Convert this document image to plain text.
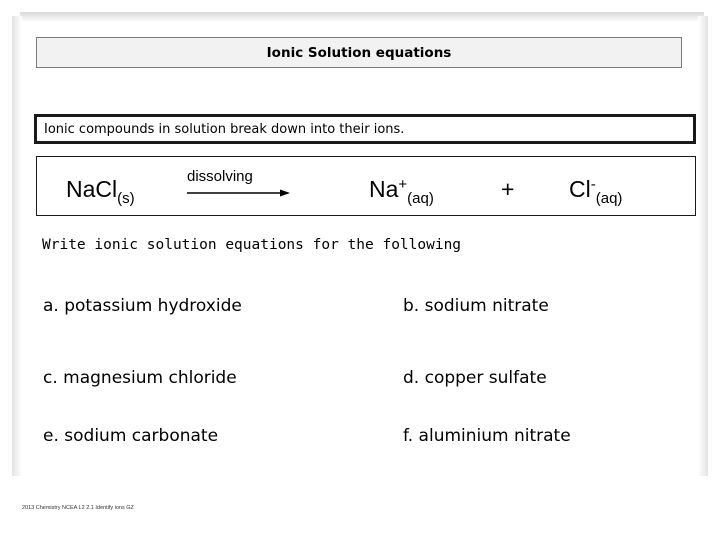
Ionic Solution equations
Ionic compounds in solution break down into their ions.
NaCl$_{(s)}$
dissolving	$Na^+_{(aq)}$	+ $Cl^-_{(aq)}$
Write ionic solution equations for the following
a. potassium hydroxide	b. sodium nitrate
c. magnesium chloride	d. copper sulfate
e. sodium carbonate	f. aluminium nitrate
2013 Chemistry NCEA L2 2.1 Identify ions GZ
